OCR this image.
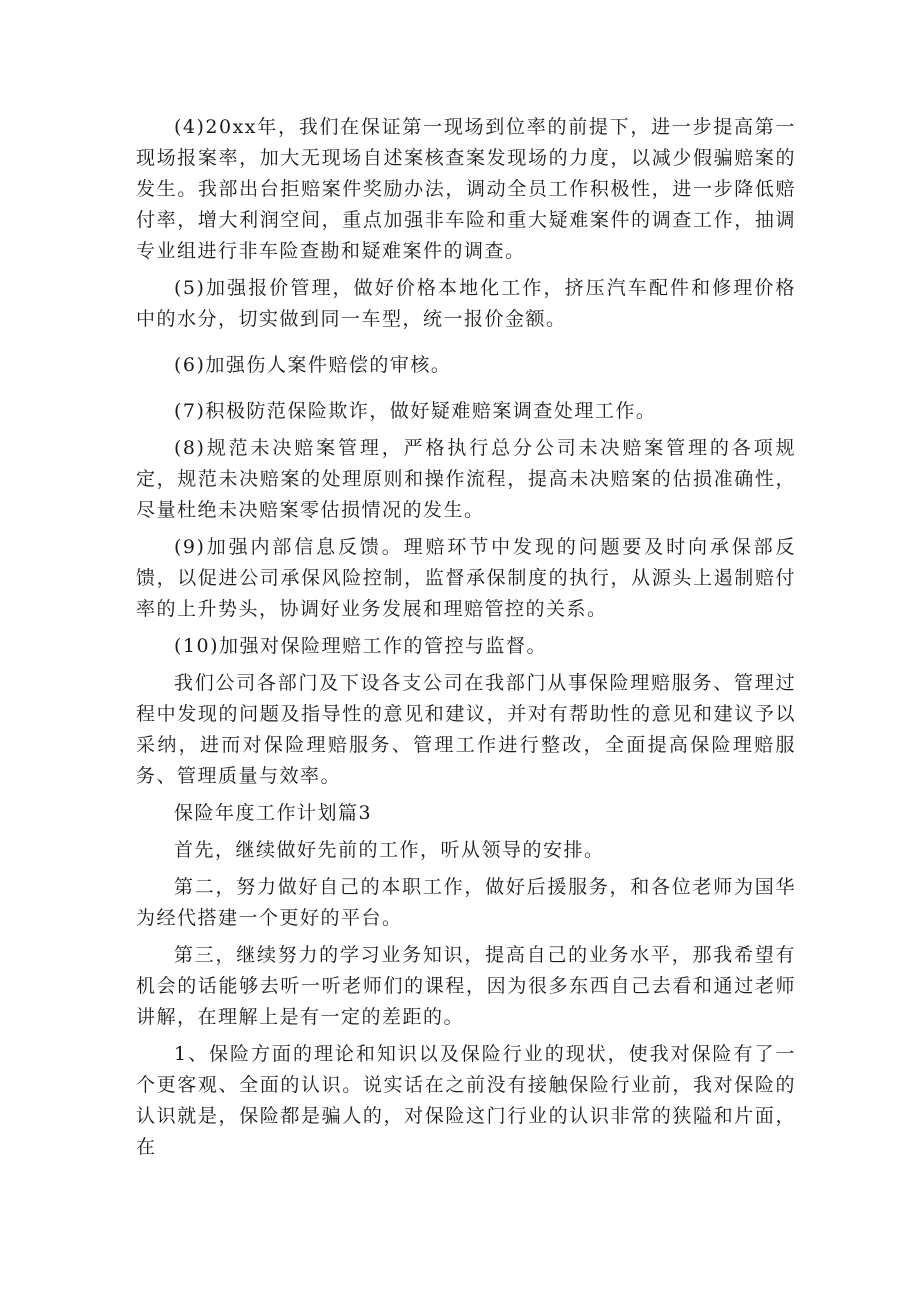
(4)20xx年，我们在保证第一现场到位率的前提下，进一步提高第一现场报案率，加大无现场自述案核查案发现场的力度，以减少假骗赔案的发生。我部出台拒赔案件奖励办法，调动全员工作积极性，进一步降低赔付率，增大利润空间，重点加强非车险和重大疑难案件的调查工作，抽调专业组进行非车险查勘和疑难案件的调查。

(5)加强报价管理，做好价格本地化工作，挤压汽车配件和修理价格中的水分，切实做到同一车型，统一报价金额。

(6)加强伤人案件赔偿的审核。

(7)积极防范保险欺诈，做好疑难赔案调查处理工作。

(8)规范未决赔案管理，严格执行总分公司未决赔案管理的各项规定，规范未决赔案的处理原则和操作流程，提高未决赔案的估损准确性，尽量杜绝未决赔案零估损情况的发生。

(9)加强内部信息反馈。理赔环节中发现的问题要及时向承保部反馈，以促进公司承保风险控制，监督承保制度的执行，从源头上遏制赔付率的上升势头，协调好业务发展和理赔管控的关系。

(10)加强对保险理赔工作的管控与监督。

我们公司各部门及下设各支公司在我部门从事保险理赔服务、管理过程中发现的问题及指导性的意见和建议，并对有帮助性的意见和建议予以采纳，进而对保险理赔服务、管理工作进行整改，全面提高保险理赔服务、管理质量与效率。

保险年度工作计划篇3

首先，继续做好先前的工作，听从领导的安排。

第二，努力做好自己的本职工作，做好后援服务，和各位老师为国华为经代搭建一个更好的平台。

第三，继续努力的学习业务知识，提高自己的业务水平，那我希望有机会的话能够去听一听老师们的课程，因为很多东西自己去看和通过老师讲解，在理解上是有一定的差距的。

1、保险方面的理论和知识以及保险行业的现状，使我对保险有了一个更客观、全面的认识。说实话在之前没有接触保险行业前，我对保险的认识就是，保险都是骗人的，对保险这门行业的认识非常的狭隘和片面，在
